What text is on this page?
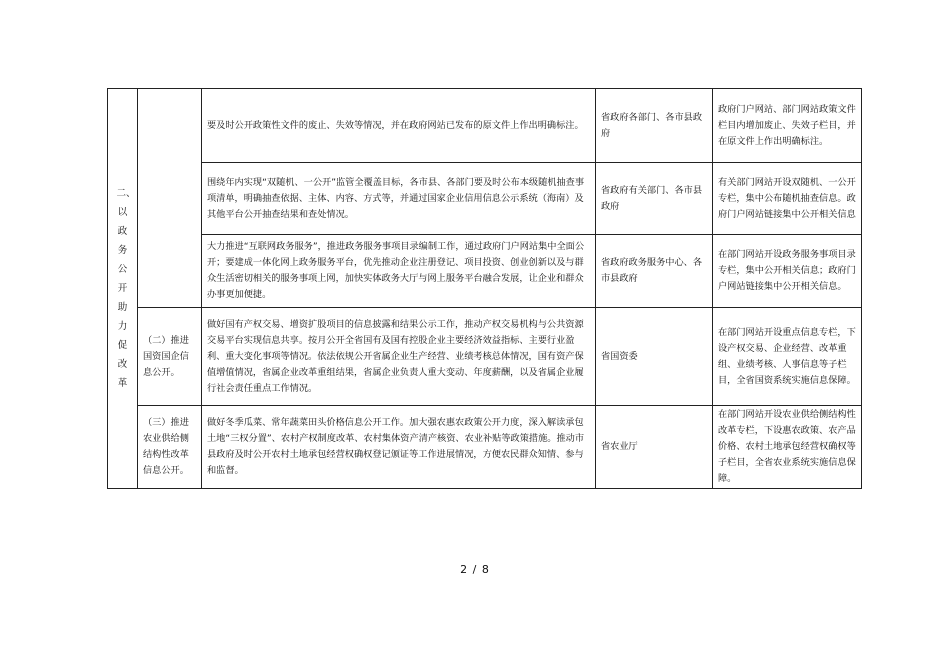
二、以政务公开助力促改革		要及时公开政策性文件的废止、失效等情况，并在政府网站已发布的原文件上作出明确标注。	省政府各部门、各市县政府	政府门户网站、部门网站政策文件栏目内增加废止、失效子栏目，并在原文件上作出明确标注。
		围绕年内实现“双随机、一公开”监管全覆盖目标，各市县、各部门要及时公布本级随机抽查事项清单，明确抽查依据、主体、内容、方式等，并通过国家企业信用信息公示系统（海南）及其他平台公开抽查结果和查处情况。	省政府有关部门、各市县政府	有关部门网站开设双随机、一公开专栏，集中公布随机抽查信息。政府门户网站链接集中公开相关信息
		大力推进“互联网政务服务”，推进政务服务事项目录编制工作，通过政府门户网站集中全面公开；要建成一体化网上政务服务平台，优先推动企业注册登记、项目投资、创业创新以及与群众生活密切相关的服务事项上网，加快实体政务大厅与网上服务平台融合发展，让企业和群众办事更加便捷。	省政府政务服务中心、各市县政府	在部门网站开设政务服务事项目录专栏，集中公开相关信息；政府门户网站链接集中公开相关信息。
	（二）推进国资国企信息公开。	做好国有产权交易、增资扩股项目的信息披露和结果公示工作，推动产权交易机构与公共资源交易平台实现信息共享。按月公开全省国有及国有控股企业主要经济效益指标、主要行业盈利、重大变化事项等情况。依法依规公开省属企业生产经营、业绩考核总体情况，国有资产保值增值情况，省属企业改革重组结果，省属企业负责人重大变动、年度薪酬，以及省属企业履行社会责任重点工作情况。	省国资委	在部门网站开设重点信息专栏，下设产权交易、企业经营、改革重组、业绩考核、人事信息等子栏目，全省国资系统实施信息保障。
	（三）推进农业供给侧结构性改革信息公开。	做好冬季瓜菜、常年蔬菜田头价格信息公开工作。加大强农惠农政策公开力度，深入解读承包土地“三权分置”、农村产权制度改革、农村集体资产清产核资、农业补贴等政策措施。推动市县政府及时公开农村土地承包经营权确权登记颁证等工作进展情况，方便农民群众知情、参与和监督。	省农业厅	在部门网站开设农业供给侧结构性改革专栏，下设惠农政策、农产品价格、农村土地承包经营权确权等子栏目，全省农业系统实施信息保障。
2 / 8
